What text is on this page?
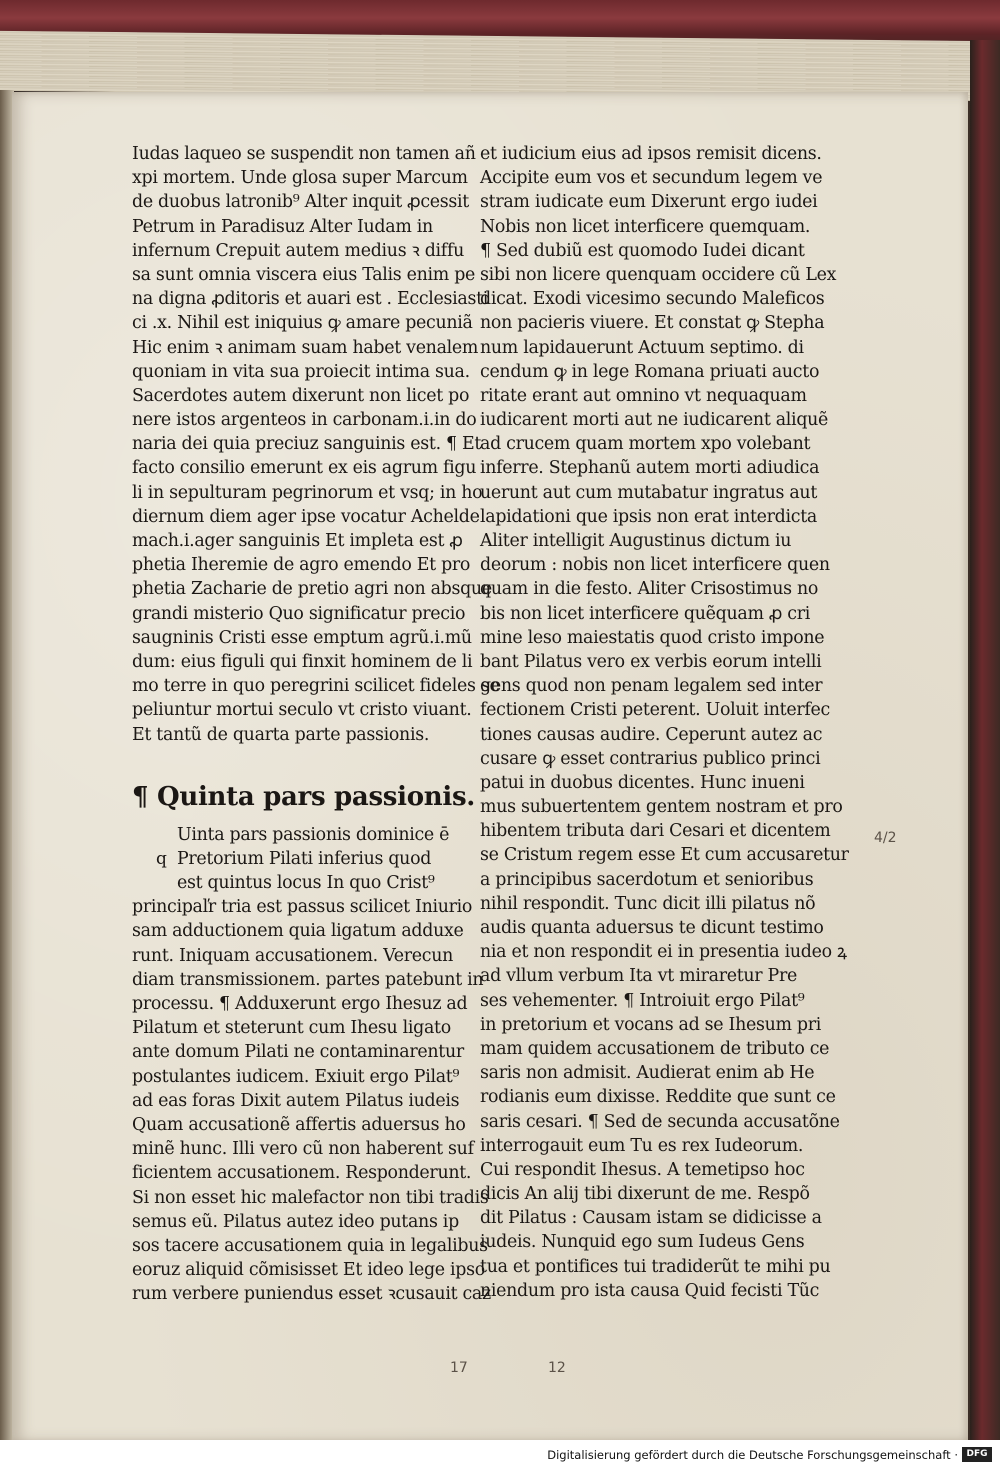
Iudas laqueo se suspendit non tamen añ
xpi mortem. Unde glosa super Marcum
de duobus latronib⁹ Alter inquit ꝓcessit
Petrum in Paradisuz Alter Iudam in
infernum Crepuit autem medius ꝛ diffu
sa sunt omnia viscera eius Talis enim pe
na digna ꝓditoris et auari est . Ecclesiasti
ci .x. Nihil est iniquius ꝙ amare pecuniã
Hic enim ꝛ animam suam habet venalem
quoniam in vita sua proiecit intima sua.
Sacerdotes autem dixerunt non licet po
nere istos argenteos in carbonam.i.in do
naria dei quia preciuz sanguinis est. ¶ Et
facto consilio emerunt ex eis agrum figu
li in sepulturam pegrinorum et vsq; in ho
diernum diem ager ipse vocatur Achelde
mach.i.ager sanguinis Et impleta est ꝓ
phetia Iheremie de agro emendo Et pro
phetia Zacharie de pretio agri non absque
grandi misterio Quo significatur precio
saugninis Cristi esse emptum agrũ.i.mũ
dum: eius figuli qui finxit hominem de li
mo terre in quo peregrini scilicet fideles se
peliuntur mortui seculo vt cristo viuant.
Et tantũ de quarta parte passionis.
¶ Quinta pars passionis.
q
Uinta pars passionis dominice ē
Pretorium Pilati inferius quod
est quintus locus In quo Crist⁹
principaľr tria est passus scilicet Iniurio
sam adductionem quia ligatum adduxe
runt. Iniquam accusationem. Verecun
diam transmissionem. partes patebunt in
processu. ¶ Adduxerunt ergo Ihesuz ad
Pilatum et steterunt cum Ihesu ligato
ante domum Pilati ne contaminarentur
postulantes iudicem. Exiuit ergo Pilat⁹
ad eas foras Dixit autem Pilatus iudeis
Quam accusationẽ affertis aduersus ho
minẽ hunc. Illi vero cũ non haberent suf
ficientem accusationem. Responderunt.
Si non esset hic malefactor non tibi tradis
semus eũ. Pilatus autez ideo putans ip
sos tacere accusationem quia in legalibus
eoruz aliquid cõmisisset Et ideo lege ipso
rum verbere puniendus esset ꝛcusauit caz
et iudicium eius ad ipsos remisit dicens.
Accipite eum vos et secundum legem ve
stram iudicate eum Dixerunt ergo iudei
Nobis non licet interficere quemquam.
¶ Sed dubiũ est quomodo Iudei dicant
sibi non licere quenquam occidere cũ Lex
dicat. Exodi vicesimo secundo Maleficos
non pacieris viuere. Et constat ꝙ Stepha
num lapidauerunt Actuum septimo. di
cendum ꝙ in lege Romana priuati aucto
ritate erant aut omnino vt nequaquam
iudicarent morti aut ne iudicarent aliquẽ
ad crucem quam mortem xpo volebant
inferre. Stephanũ autem morti adiudica
uerunt aut cum mutabatur ingratus aut
lapidationi que ipsis non erat interdicta
Aliter intelligit Augustinus dictum iu
deorum : nobis non licet interficere quen
quam in die festo. Aliter Crisostimus no
bis non licet interficere quẽquam ꝓ cri
mine leso maiestatis quod cristo impone
bant Pilatus vero ex verbis eorum intelli
gens quod non penam legalem sed inter
fectionem Cristi peterent. Uoluit interfec
tiones causas audire. Ceperunt autez ac
cusare ꝙ esset contrarius publico princi
patui in duobus dicentes. Hunc inueni
mus subuertentem gentem nostram et pro
hibentem tributa dari Cesari et dicentem
se Cristum regem esse Et cum accusaretur
a principibus sacerdotum et senioribus
nihil respondit. Tunc dicit illi pilatus nõ
audis quanta aduersus te dicunt testimo
nia et non respondit ei in presentia iudeo ꝝ
ad vllum verbum Ita vt miraretur Pre
ses vehementer. ¶ Introiuit ergo Pilat⁹
in pretorium et vocans ad se Ihesum pri
mam quidem accusationem de tributo ce
saris non admisit. Audierat enim ab He
rodianis eum dixisse. Reddite que sunt ce
saris cesari. ¶ Sed de secunda accusatõne
interrogauit eum Tu es rex Iudeorum.
Cui respondit Ihesus. A temetipso hoc
dicis An alij tibi dixerunt de me. Respõ
dit Pilatus : Causam istam se didicisse a
iudeis. Nunquid ego sum Iudeus Gens
tua et pontifices tui tradiderũt te mihi pu
niendum pro ista causa Quid fecisti Tũc
4/2
17	12
Digitalisierung gefördert durch die Deutsche Forschungsgemeinschaft · DFG
